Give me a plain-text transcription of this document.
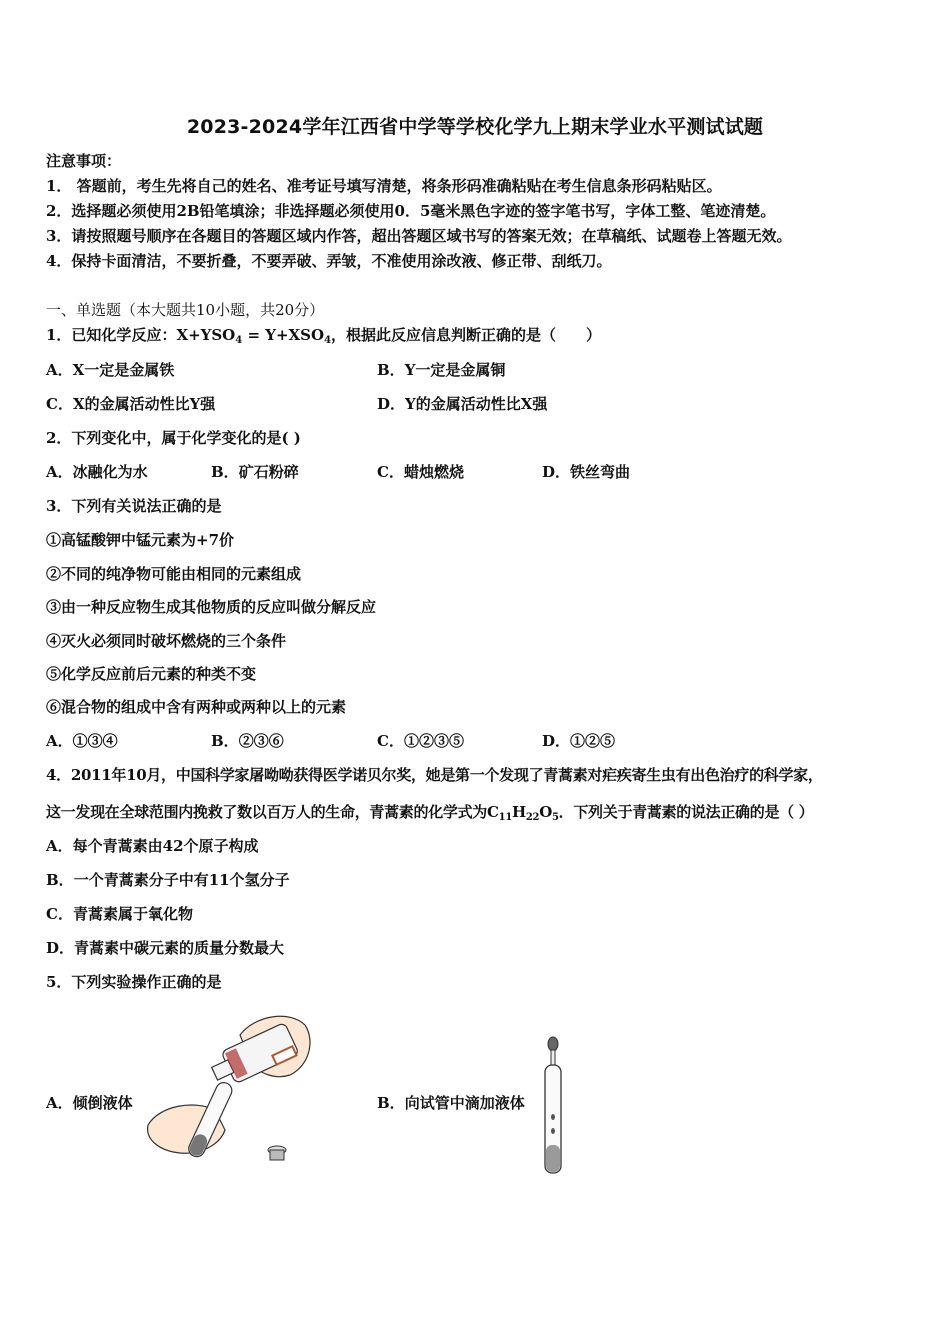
2023-2024学年江西省中学等学校化学九上期末学业水平测试试题
注意事项：
1． 答题前，考生先将自己的姓名、准考证号填写清楚，将条形码准确粘贴在考生信息条形码粘贴区。
2．选择题必须使用2B铅笔填涂；非选择题必须使用0．5毫米黑色字迹的签字笔书写，字体工整、笔迹清楚。
3．请按照题号顺序在各题目的答题区域内作答，超出答题区域书写的答案无效；在草稿纸、试题卷上答题无效。
4．保持卡面清洁，不要折叠，不要弄破、弄皱，不准使用涂改液、修正带、刮纸刀。
一、单选题（本大题共10小题，共20分）
1．已知化学反应：$X+YSO_4 = Y+XSO_4$，根据此反应信息判断正确的是（　　）
A．X一定是金属铁	B．Y一定是金属铜
C．X的金属活动性比Y强	D．Y的金属活动性比X强
2．下列变化中，属于化学变化的是( )
A．冰融化为水	B．矿石粉碎	C．蜡烛燃烧	D．铁丝弯曲
3．下列有关说法正确的是
①高锰酸钾中锰元素为+7价
②不同的纯净物可能由相同的元素组成
③由一种反应物生成其他物质的反应叫做分解反应
④灭火必须同时破坏燃烧的三个条件
⑤化学反应前后元素的种类不变
⑥混合物的组成中含有两种或两种以上的元素
A．①③④	B．②③⑥	C．①②③⑤	D．①②⑤
4．2011年10月，中国科学家屠呦呦获得医学诺贝尔奖，她是第一个发现了青蒿素对疟疾寄生虫有出色治疗的科学家，
这一发现在全球范围内挽救了数以百万人的生命，青蒿素的化学式为$C_{11}H_{22}O_5$．下列关于青蒿素的说法正确的是（ ）
A．每个青蒿素由42个原子构成
B．一个青蒿素分子中有11个氢分子
C．青蒿素属于氧化物
D．青蒿素中碳元素的质量分数最大
5．下列实验操作正确的是
A．倾倒液体	B．向试管中滴加液体
